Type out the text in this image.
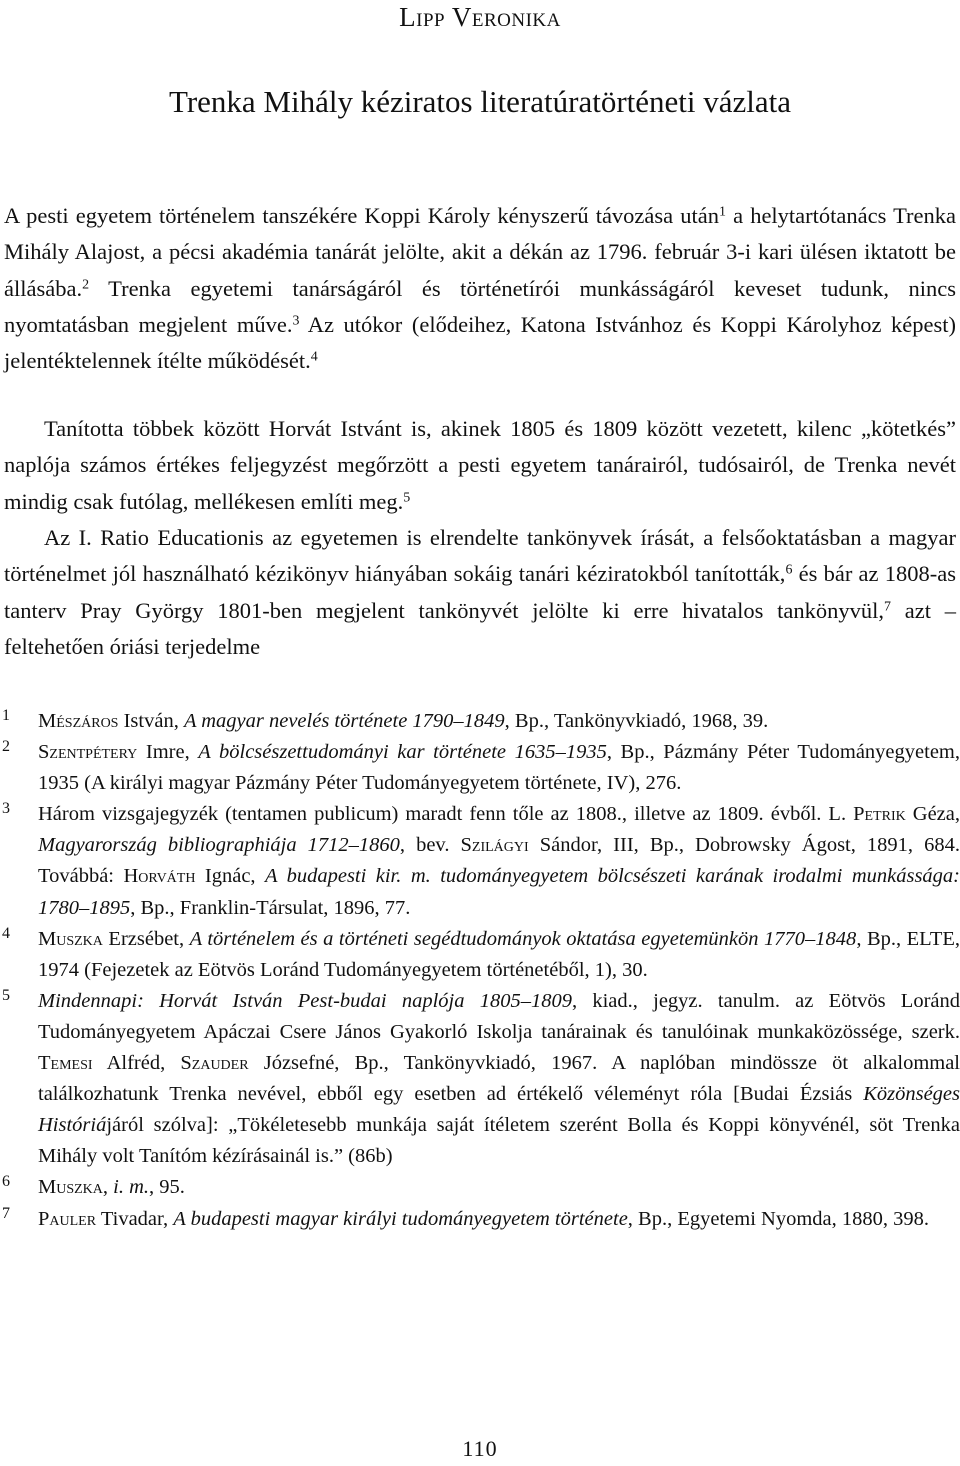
Lipp Veronika
Trenka Mihály kéziratos literatúratörténeti vázlata
A pesti egyetem történelem tanszékére Koppi Károly kényszerű távozása után$^1$ a helytartótanács Trenka Mihály Alajost, a pécsi akadémia tanárát jelölte, akit a dékán az 1796. február 3-i kari ülésen iktatott be állásába.$^2$ Trenka egyetemi tanárságáról és történetírói munkásságáról keveset tudunk, nincs nyomtatásban megjelent műve.$^3$ Az utókor (elődeihez, Katona Istvánhoz és Koppi Károlyhoz képest) jelentéktelennek ítélte működését.$^4$
Tanította többek között Horvát Istvánt is, akinek 1805 és 1809 között vezetett, kilenc „kötetkés” naplója számos értékes feljegyzést megőrzött a pesti egyetem tanárairól, tudósairól, de Trenka nevét mindig csak futólag, mellékesen említi meg.$^5$
Az I. Ratio Educationis az egyetemen is elrendelte tankönyvek írását, a felsőoktatásban a magyar történelmet jól használható kézikönyv hiányában sokáig tanári kéziratokból tanították,$^6$ és bár az 1808-as tanterv Pray György 1801-ben megjelent tankönyvét jelölte ki erre hivatalos tankönyvül,$^7$ azt – feltehetően óriási terjedelme
1 Mészáros István, A magyar nevelés története 1790–1849, Bp., Tankönyvkiadó, 1968, 39.
2 Szentpétery Imre, A bölcsészettudományi kar története 1635–1935, Bp., Pázmány Péter Tudományegyetem, 1935 (A királyi magyar Pázmány Péter Tudományegyetem története, IV), 276.
3 Három vizsgajegyzék (tentamen publicum) maradt fenn tőle az 1808., illetve az 1809. évből. L. Petrik Géza, Magyarország bibliographiája 1712–1860, bev. Szilágyi Sándor, III, Bp., Dobrowsky Ágost, 1891, 684. Továbbá: Horváth Ignác, A budapesti kir. m. tudományegyetem bölcsészeti karának irodalmi munkássága: 1780–1895, Bp., Franklin-Társulat, 1896, 77.
4 Muszka Erzsébet, A történelem és a történeti segédtudományok oktatása egyetemünkön 1770–1848, Bp., ELTE, 1974 (Fejezetek az Eötvös Loránd Tudományegyetem történetéből, 1), 30.
5 Mindennapi: Horvát István Pest-budai naplója 1805–1809, kiad., jegyz. tanulm. az Eötvös Loránd Tudományegyetem Apáczai Csere János Gyakorló Iskolja tanárainak és tanulóinak munkaközössége, szerk. Temesi Alfréd, Szauder Józsefné, Bp., Tankönyvkiadó, 1967. A naplóban mindössze öt alkalommal találkozhatunk Trenka nevével, ebből egy esetben ad értékelő véleményt róla [Budai Ézsiás Közönséges Históriájáról szólva]: „Tökéletesebb munkája saját ítéletem szerént Bolla és Koppi könyvénél, söt Trenka Mihály volt Tanítóm kézírásainál is.” (86b)
6 Muszka, i. m., 95.
7 Pauler Tivadar, A budapesti magyar királyi tudományegyetem története, Bp., Egyetemi Nyomda, 1880, 398.
110
